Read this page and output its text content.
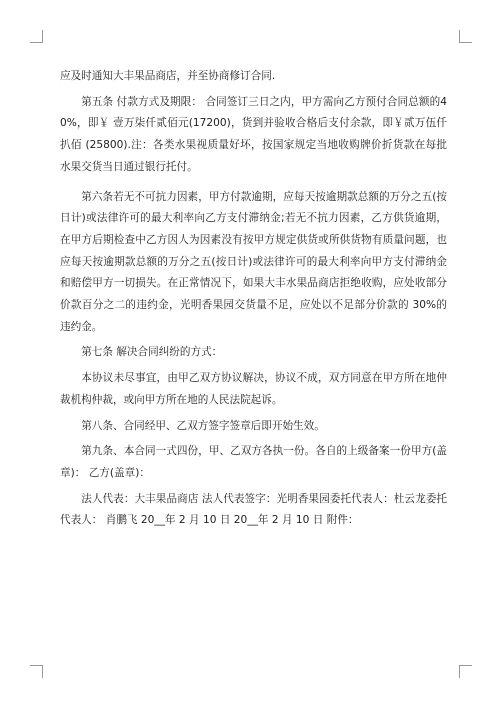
应及时通知大丰果品商店，并至协商修订合同.

第五条 付款方式及期限： 合同签订三日之内，甲方需向乙方预付合同总额的40%，即￥ 壹万柒仟贰佰元(17200)，货到并验收合格后支付余款，即￥贰万伍仟扒佰 (25800).注：各类水果视质量好坏，按国家规定当地收购牌价折货款在每批水果交货当日通过银行托付。

第六条若无不可抗力因素，甲方付款逾期，应每天按逾期款总额的万分之五(按日计)或法律许可的最大利率向乙方支付滞纳金;若无不抗力因素，乙方供货逾期，在甲方后期检查中乙方因人为因素没有按甲方规定供货或所供货物有质量问题，也应每天按逾期款总额的万分之五(按日计)或法律许可的最大利率向甲方支付滞纳金和赔偿甲方一切损失。在正常情况下，如果大丰水果品商店拒绝收购，应处收部分价款百分之二的违约金，光明香果园交货量不足，应处以不足部分价款的 30%的违约金。

第七条 解决合同纠纷的方式：

本协议未尽事宜，由甲乙双方协议解决，协议不成，双方同意在甲方所在地仲裁机构仲裁，或向甲方所在地的人民法院起诉。

第八条、合同经甲、乙双方签字签章后即开始生效。

第九条、本合同一式四份，甲、乙双方各执一份。各自的上级备案一份甲方(盖章)： 乙方(盖章)：

法人代表：大丰果品商店 法人代表签字：光明香果园委托代表人：杜云龙委托代表人： 肖鹏飞 20__年 2 月 10 日 20__年 2 月 10 日 附件：
